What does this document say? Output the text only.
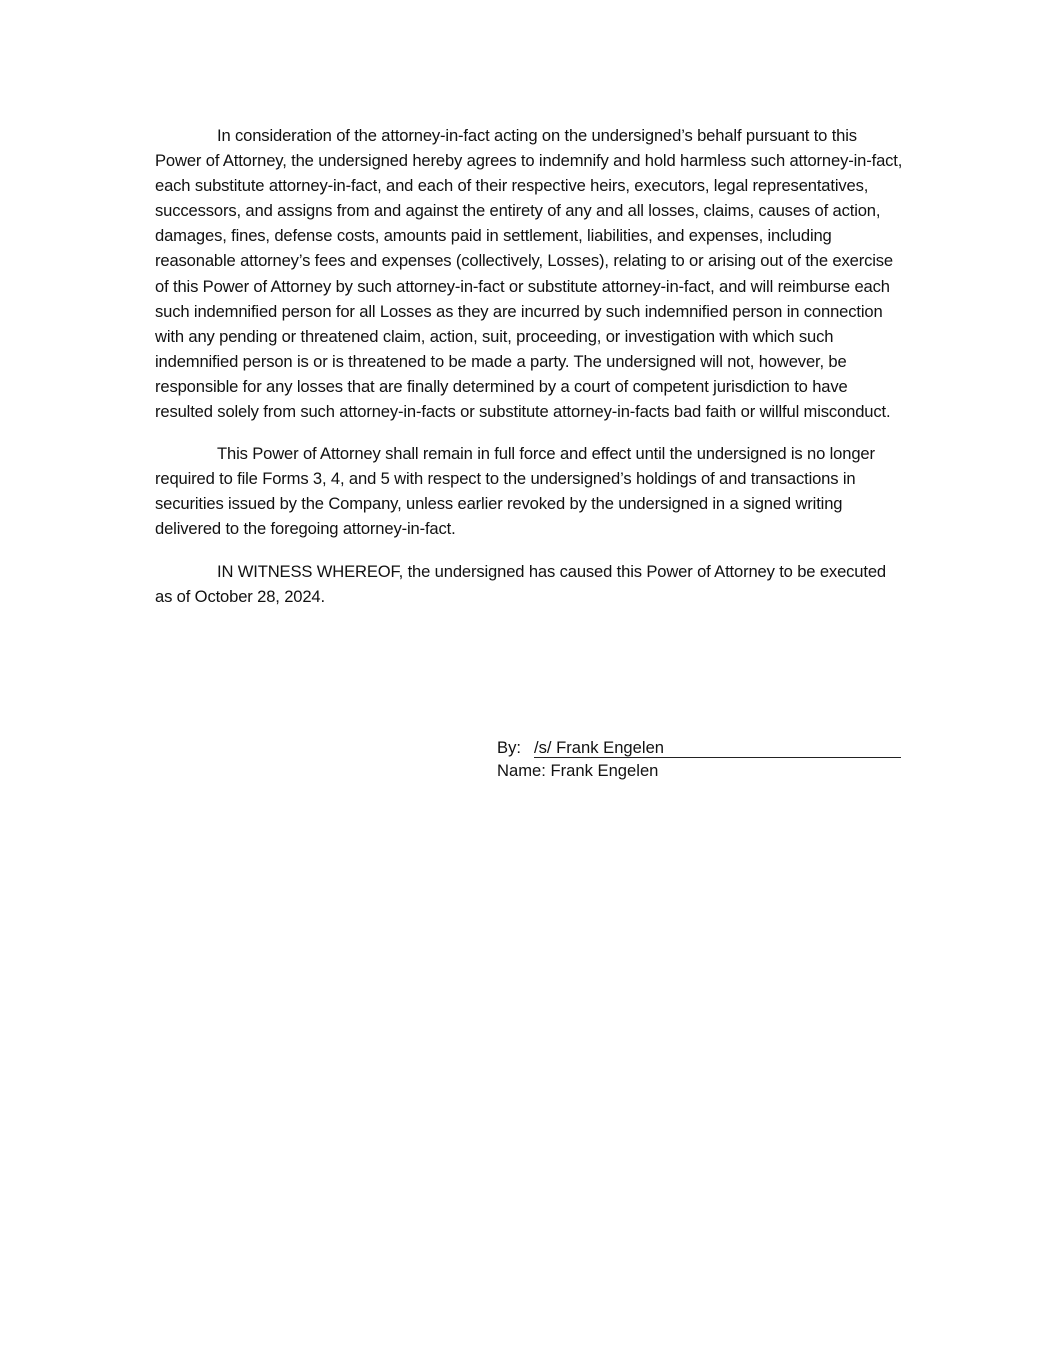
In consideration of the attorney-in-fact acting on the undersigned’s behalf pursuant to this Power of Attorney, the undersigned hereby agrees to indemnify and hold harmless such attorney-in-fact, each substitute attorney-in-fact, and each of their respective heirs, executors, legal representatives, successors, and assigns from and against the entirety of any and all losses, claims, causes of action, damages, fines, defense costs, amounts paid in settlement, liabilities, and expenses, including reasonable attorney’s fees and expenses (collectively, Losses), relating to or arising out of the exercise of this Power of Attorney by such attorney-in-fact or substitute attorney-in-fact, and will reimburse each such indemnified person for all Losses as they are incurred by such indemnified person in connection with any pending or threatened claim, action, suit, proceeding, or investigation with which such indemnified person is or is threatened to be made a party. The undersigned will not, however, be responsible for any losses that are finally determined by a court of competent jurisdiction to have resulted solely from such attorney-in-facts or substitute attorney-in-facts bad faith or willful misconduct.

This Power of Attorney shall remain in full force and effect until the undersigned is no longer required to file Forms 3, 4, and 5 with respect to the undersigned’s holdings of and transactions in securities issued by the Company, unless earlier revoked by the undersigned in a signed writing delivered to the foregoing attorney-in-fact.

IN WITNESS WHEREOF, the undersigned has caused this Power of Attorney to be executed as of October 28, 2024.

By: /s/ Frank Engelen
Name: Frank Engelen
